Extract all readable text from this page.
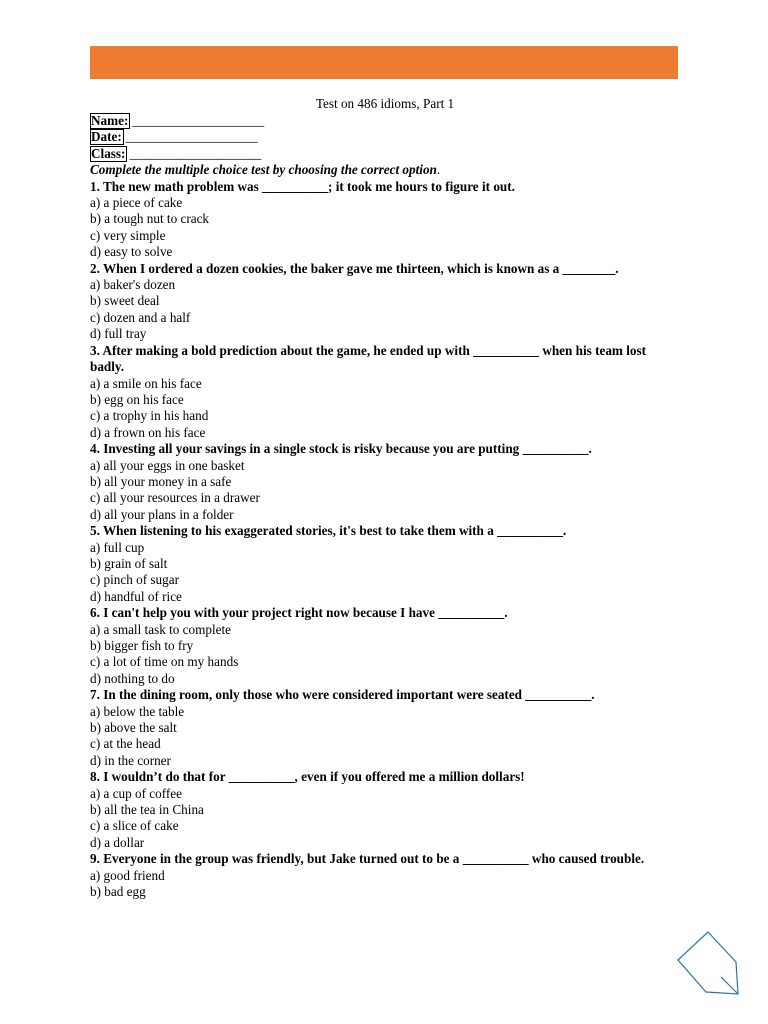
Test on 486 idioms, Part 1
Name: ____________________
Date: ____________________
Class: ____________________
Complete the multiple choice test by choosing the correct option.
1. The new math problem was __________; it took me hours to figure it out.
a) a piece of cake
b) a tough nut to crack
c) very simple
d) easy to solve
2. When I ordered a dozen cookies, the baker gave me thirteen, which is known as a ________.
a) baker's dozen
b) sweet deal
c) dozen and a half
d) full tray
3. After making a bold prediction about the game, he ended up with __________ when his team lost badly.
a) a smile on his face
b) egg on his face
c) a trophy in his hand
d) a frown on his face
4. Investing all your savings in a single stock is risky because you are putting __________.
a) all your eggs in one basket
b) all your money in a safe
c) all your resources in a drawer
d) all your plans in a folder
5. When listening to his exaggerated stories, it's best to take them with a __________.
a) full cup
b) grain of salt
c) pinch of sugar
d) handful of rice
6. I can't help you with your project right now because I have __________.
a) a small task to complete
b) bigger fish to fry
c) a lot of time on my hands
d) nothing to do
7. In the dining room, only those who were considered important were seated __________.
a) below the table
b) above the salt
c) at the head
d) in the corner
8. I wouldn’t do that for __________, even if you offered me a million dollars!
a) a cup of coffee
b) all the tea in China
c) a slice of cake
d) a dollar
9. Everyone in the group was friendly, but Jake turned out to be a __________ who caused trouble.
a) good friend
b) bad egg
